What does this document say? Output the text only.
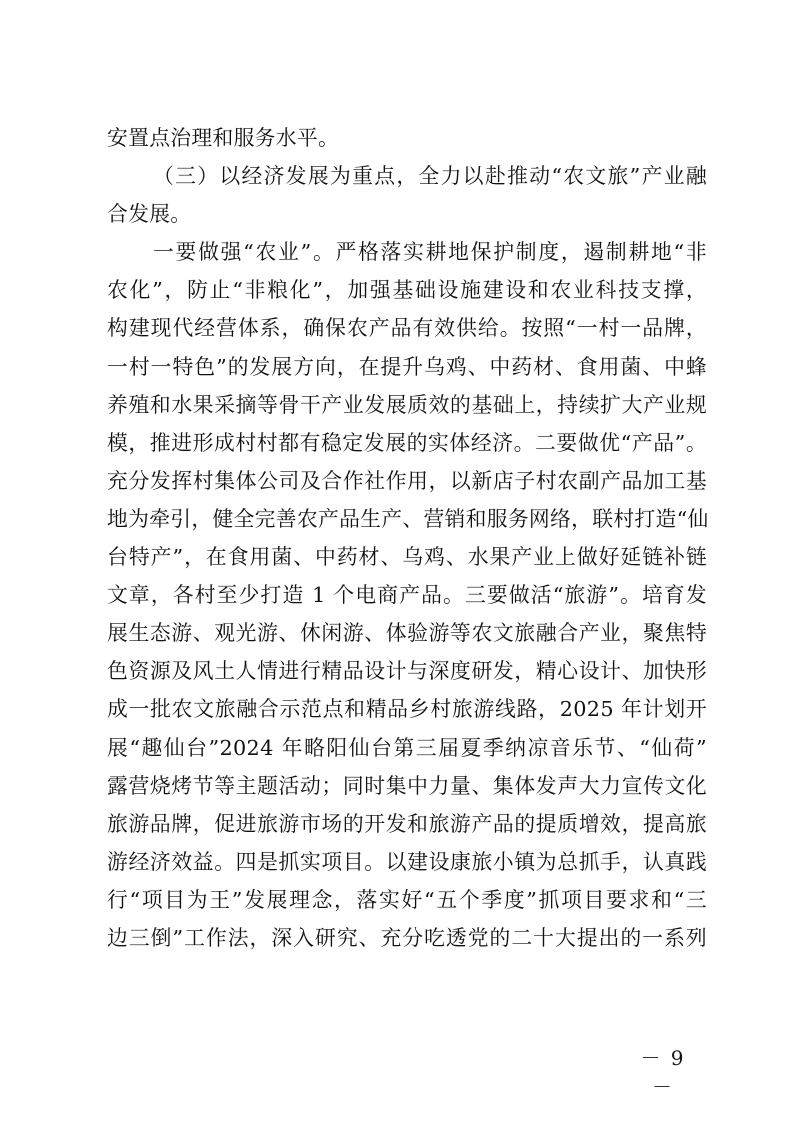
安置点治理和服务水平。
（三）以经济发展为重点，全力以赴推动“农文旅”产业融
合发展。
一要做强“农业”。严格落实耕地保护制度，遏制耕地“非
农化”，防止“非粮化”，加强基础设施建设和农业科技支撑，
构建现代经营体系，确保农产品有效供给。按照“一村一品牌，
一村一特色”的发展方向，在提升乌鸡、中药材、食用菌、中蜂
养殖和水果采摘等骨干产业发展质效的基础上，持续扩大产业规
模，推进形成村村都有稳定发展的实体经济。二要做优“产品”。
充分发挥村集体公司及合作社作用，以新店子村农副产品加工基
地为牵引，健全完善农产品生产、营销和服务网络，联村打造“仙
台特产”，在食用菌、中药材、乌鸡、水果产业上做好延链补链
文章，各村至少打造 1 个电商产品。三要做活“旅游”。培育发
展生态游、观光游、休闲游、体验游等农文旅融合产业，聚焦特
色资源及风土人情进行精品设计与深度研发，精心设计、加快形
成一批农文旅融合示范点和精品乡村旅游线路，2025 年计划开
展“趣仙台”2024 年略阳仙台第三届夏季纳凉音乐节、“仙荷”
露营烧烤节等主题活动；同时集中力量、集体发声大力宣传文化
旅游品牌，促进旅游市场的开发和旅游产品的提质增效，提高旅
游经济效益。四是抓实项目。以建设康旅小镇为总抓手，认真践
行“项目为王”发展理念，落实好“五个季度”抓项目要求和“三
边三倒”工作法，深入研究、充分吃透党的二十大提出的一系列
－ 9 －
